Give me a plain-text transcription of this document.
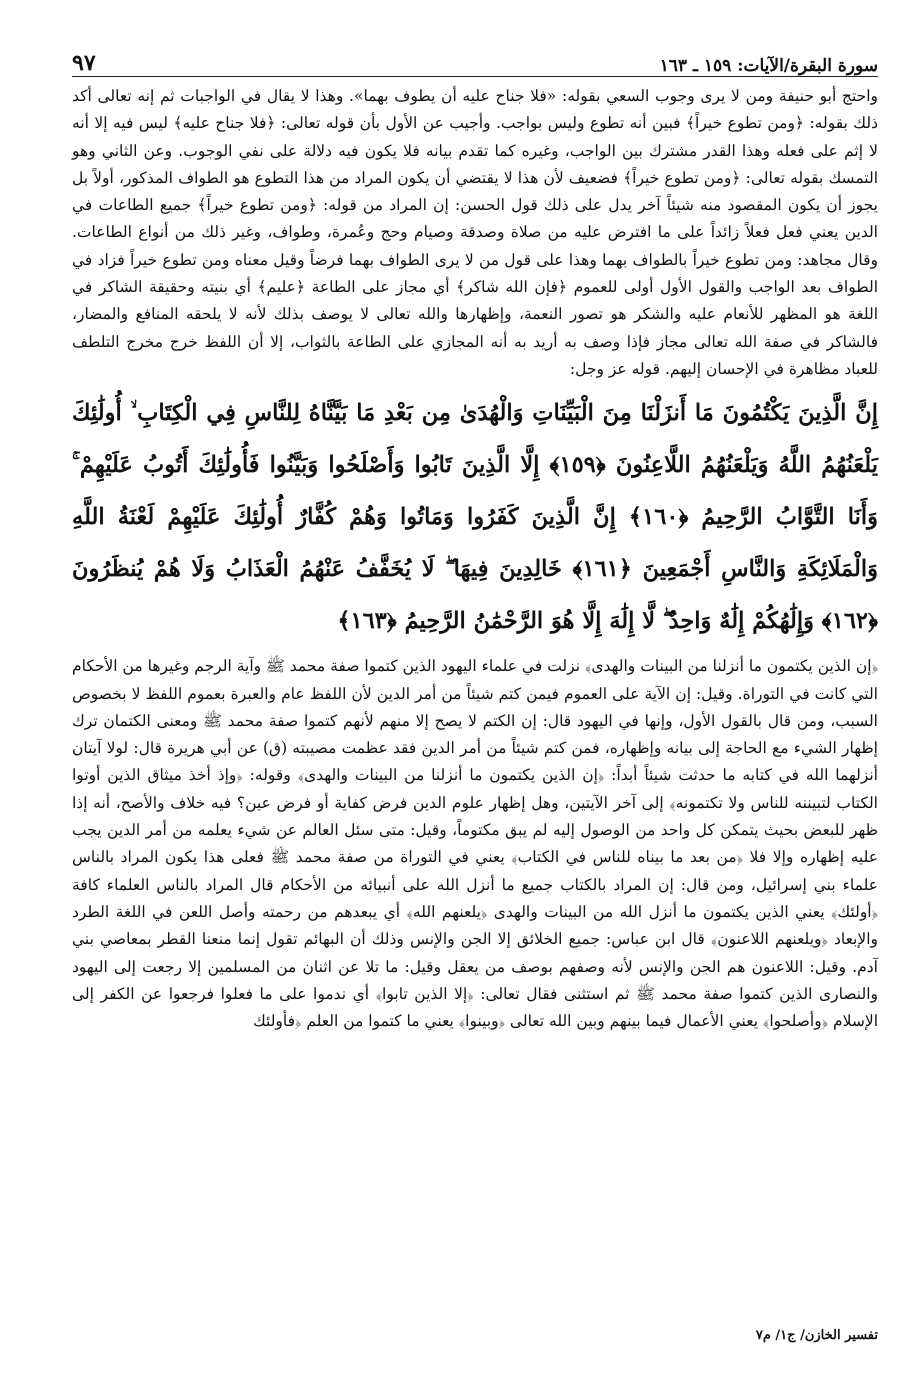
سورة البقرة/الآيات: ١٥٩ ـ ١٦٣
٩٧

واحتج أبو حنيفة ومن لا يرى وجوب السعي بقوله: «فلا جناح عليه أن يطوف بهما». وهذا لا يقال في الواجبات ثم إنه تعالى أكد ذلك بقوله: ﴿ومن تطوع خيراً﴾ فبين أنه تطوع وليس بواجب. وأجيب عن الأول بأن قوله تعالى: ﴿فلا جناح عليه﴾ ليس فيه إلا أنه لا إثم على فعله وهذا القدر مشترك بين الواجب، وغيره كما تقدم بيانه فلا يكون فيه دلالة على نفي الوجوب. وعن الثاني وهو التمسك بقوله تعالى: ﴿ومن تطوع خيراً﴾ فضعيف لأن هذا لا يقتضي أن يكون المراد من هذا التطوع هو الطواف المذكور، أولاً بل يجوز أن يكون المقصود منه شيئاً آخر يدل على ذلك قول الحسن: إن المراد من قوله: ﴿ومن تطوع خيراً﴾ جميع الطاعات في الدين يعني فعل فعلاً زائداً على ما افترض عليه من صلاة وصدقة وصيام وحج وعُمرة، وطواف، وغير ذلك من أنواع الطاعات. وقال مجاهد: ومن تطوع خيراً بالطواف بهما وهذا على قول من لا يرى الطواف بهما فرضاً وقيل معناه ومن تطوع خيراً فزاد في الطواف بعد الواجب والقول الأول أولى للعموم ﴿فإن الله شاكر﴾ أي مجاز على الطاعة ﴿عليم﴾ أي بنيته وحقيقة الشاكر في اللغة هو المظهر للأنعام عليه والشكر هو تصور النعمة، وإظهارها والله تعالى لا يوصف بذلك لأنه لا يلحقه المنافع والمضار، فالشاكر في صفة الله تعالى مجاز فإذا وصف به أريد به أنه المجازي على الطاعة بالثواب، إلا أن اللفظ خرج مخرج التلطف للعباد مظاهرة في الإحسان إليهم. قوله عز وجل:

إِنَّ الَّذِينَ يَكْتُمُونَ مَا أَنزَلْنَا مِنَ الْبَيِّنَاتِ وَالْهُدَىٰ مِن بَعْدِ مَا بَيَّنَّاهُ لِلنَّاسِ فِي الْكِتَابِ ۙ أُولَٰئِكَ يَلْعَنُهُمُ اللَّهُ وَيَلْعَنُهُمُ اللَّاعِنُونَ ﴿١٥٩﴾ إِلَّا الَّذِينَ تَابُوا وَأَصْلَحُوا وَبَيَّنُوا فَأُولَٰئِكَ أَتُوبُ عَلَيْهِمْ ۚ وَأَنَا التَّوَّابُ الرَّحِيمُ ﴿١٦٠﴾ إِنَّ الَّذِينَ كَفَرُوا وَمَاتُوا وَهُمْ كُفَّارٌ أُولَٰئِكَ عَلَيْهِمْ لَعْنَةُ اللَّهِ وَالْمَلَائِكَةِ وَالنَّاسِ أَجْمَعِينَ ﴿١٦١﴾ خَالِدِينَ فِيهَا ۖ لَا يُخَفَّفُ عَنْهُمُ الْعَذَابُ وَلَا هُمْ يُنظَرُونَ ﴿١٦٢﴾ وَإِلَٰهُكُمْ إِلَٰهٌ وَاحِدٌ ۖ لَّا إِلَٰهَ إِلَّا هُوَ الرَّحْمَٰنُ الرَّحِيمُ ﴿١٦٣﴾

﴿إن الذين يكتمون ما أنزلنا من البينات والهدى﴾ نزلت في علماء اليهود الذين كتموا صفة محمد ﷺ وآية الرجم وغيرها من الأحكام التي كانت في التوراة. وقيل: إن الآية على العموم فيمن كتم شيئاً من أمر الدين لأن اللفظ عام والعبرة بعموم اللفظ لا بخصوص السبب، ومن قال بالقول الأول، وإنها في اليهود قال: إن الكتم لا يصح إلا منهم لأنهم كتموا صفة محمد ﷺ ومعنى الكتمان ترك إظهار الشيء مع الحاجة إلى بيانه وإظهاره، فمن كتم شيئاً من أمر الدين فقد عظمت مصيبته (ق) عن أبي هريرة قال: لولا آيتان أنزلهما الله في كتابه ما حدثت شيئاً أبداً: ﴿إن الذين يكتمون ما أنزلنا من البينات والهدى﴾ وقوله: ﴿وإذ أخذ ميثاق الذين أوتوا الكتاب لتبيننه للناس ولا تكتمونه﴾ إلى آخر الآيتين، وهل إظهار علوم الدين فرض كفاية أو فرض عين؟ فيه خلاف والأصح، أنه إذا ظهر للبعض بحيث يتمكن كل واحد من الوصول إليه لم يبق مكتوماً، وقيل: متى سئل العالم عن شيء يعلمه من أمر الدين يجب عليه إظهاره وإلا فلا ﴿من بعد ما بيناه للناس في الكتاب﴾ يعني في التوراة من صفة محمد ﷺ فعلى هذا يكون المراد بالناس علماء بني إسرائيل، ومن قال: إن المراد بالكتاب جميع ما أنزل الله على أنبيائه من الأحكام قال المراد بالناس العلماء كافة ﴿أولئك﴾ يعني الذين يكتمون ما أنزل الله من البينات والهدى ﴿يلعنهم الله﴾ أي يبعدهم من رحمته وأصل اللعن في اللغة الطرد والإبعاد ﴿ويلعنهم اللاعنون﴾ قال ابن عباس: جميع الخلائق إلا الجن والإنس وذلك أن البهائم تقول إنما منعنا القطر بمعاصي بني آدم. وقيل: اللاعنون هم الجن والإنس لأنه وصفهم بوصف من يعقل وقيل: ما تلا عن اثنان من المسلمين إلا رجعت إلى اليهود والنصارى الذين كتموا صفة محمد ﷺ ثم استثنى فقال تعالى: ﴿إلا الذين تابوا﴾ أي ندموا على ما فعلوا فرجعوا عن الكفر إلى الإسلام ﴿وأصلحوا﴾ يعني الأعمال فيما بينهم وبين الله تعالى ﴿وبينوا﴾ يعني ما كتموا من العلم ﴿فأولئك

تفسير الخازن/ ج١/ م٧
